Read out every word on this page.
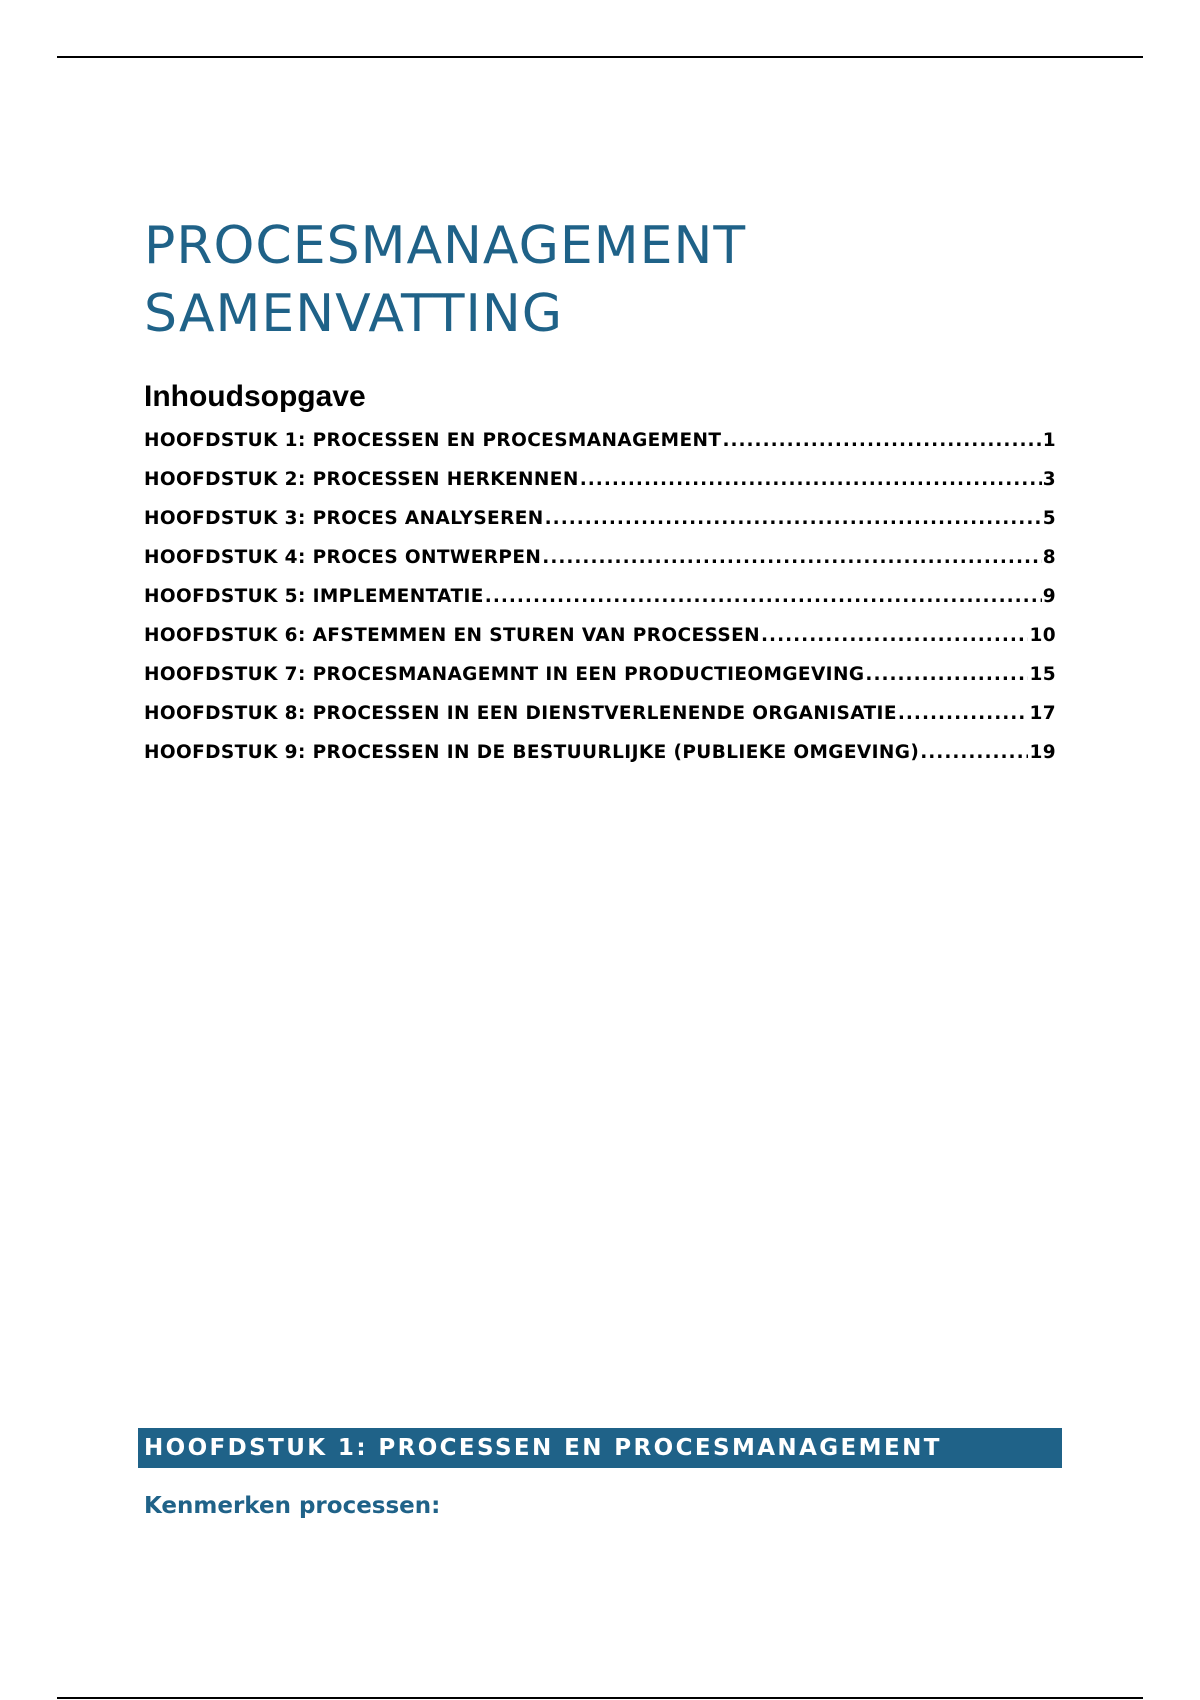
PROCESMANAGEMENT
SAMENVATTING
Inhoudsopgave
HOOFDSTUK 1: PROCESSEN EN PROCESMANAGEMENT .....	1
HOOFDSTUK 2: PROCESSEN HERKENNEN .....	3
HOOFDSTUK 3: PROCES ANALYSEREN .....	5
HOOFDSTUK 4: PROCES ONTWERPEN .....	8
HOOFDSTUK 5: IMPLEMENTATIE .....	9
HOOFDSTUK 6: AFSTEMMEN EN STUREN VAN PROCESSEN .....	10
HOOFDSTUK 7: PROCESMANAGEMNT IN EEN PRODUCTIEOMGEVING .....	15
HOOFDSTUK 8: PROCESSEN IN EEN DIENSTVERLENENDE ORGANISATIE .....	17
HOOFDSTUK 9: PROCESSEN IN DE BESTUURLIJKE (PUBLIEKE OMGEVING) .....	19
HOOFDSTUK 1: PROCESSEN EN PROCESMANAGEMENT
Kenmerken processen:
